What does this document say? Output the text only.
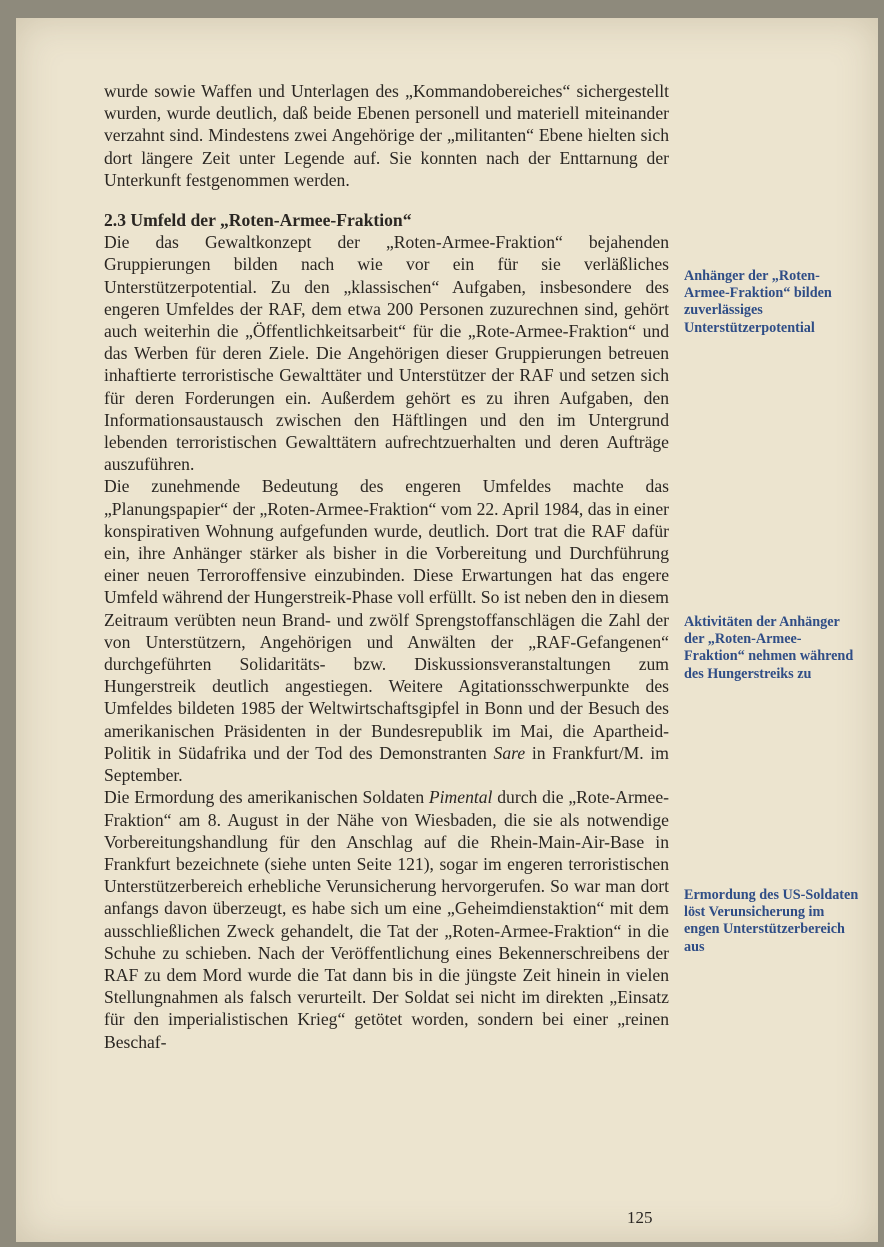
wurde sowie Waffen und Unterlagen des „Kommandobereiches“ sichergestellt wurden, wurde deutlich, daß beide Ebenen personell und materiell miteinander verzahnt sind. Mindestens zwei Angehörige der „militanten“ Ebene hielten sich dort längere Zeit unter Legende auf. Sie konnten nach der Enttarnung der Unterkunft festgenommen werden.

2.3 Umfeld der „Roten-Armee-Fraktion“

Die das Gewaltkonzept der „Roten-Armee-Fraktion“ bejahenden Gruppierungen bilden nach wie vor ein für sie verläßliches Unterstützerpotential. Zu den „klassischen“ Aufgaben, insbesondere des engeren Umfeldes der RAF, dem etwa 200 Personen zuzurechnen sind, gehört auch weiterhin die „Öffentlichkeitsarbeit“ für die „Rote-Armee-Fraktion“ und das Werben für deren Ziele. Die Angehörigen dieser Gruppierungen betreuen inhaftierte terroristische Gewalttäter und Unterstützer der RAF und setzen sich für deren Forderungen ein. Außerdem gehört es zu ihren Aufgaben, den Informationsaustausch zwischen den Häftlingen und den im Untergrund lebenden terroristischen Gewalttätern aufrechtzuerhalten und deren Aufträge auszuführen.

Die zunehmende Bedeutung des engeren Umfeldes machte das „Planungspapier“ der „Roten-Armee-Fraktion“ vom 22. April 1984, das in einer konspirativen Wohnung aufgefunden wurde, deutlich. Dort trat die RAF dafür ein, ihre Anhänger stärker als bisher in die Vorbereitung und Durchführung einer neuen Terroroffensive einzubinden. Diese Erwartungen hat das engere Umfeld während der Hungerstreik-Phase voll erfüllt. So ist neben den in diesem Zeitraum verübten neun Brand- und zwölf Sprengstoffanschlägen die Zahl der von Unterstützern, Angehörigen und Anwälten der „RAF-Gefangenen“ durchgeführten Solidaritäts- bzw. Diskussionsveranstaltungen zum Hungerstreik deutlich angestiegen. Weitere Agitationsschwerpunkte des Umfeldes bildeten 1985 der Weltwirtschaftsgipfel in Bonn und der Besuch des amerikanischen Präsidenten in der Bundesrepublik im Mai, die Apartheid-Politik in Südafrika und der Tod des Demonstranten Sare in Frankfurt/M. im September.

Die Ermordung des amerikanischen Soldaten Pimental durch die „Rote-Armee-Fraktion“ am 8. August in der Nähe von Wiesbaden, die sie als notwendige Vorbereitungshandlung für den Anschlag auf die Rhein-Main-Air-Base in Frankfurt bezeichnete (siehe unten Seite 121), sogar im engeren terroristischen Unterstützerbereich erhebliche Verunsicherung hervorgerufen. So war man dort anfangs davon überzeugt, es habe sich um eine „Geheimdienstaktion“ mit dem ausschließlichen Zweck gehandelt, die Tat der „Roten-Armee-Fraktion“ in die Schuhe zu schieben. Nach der Veröffentlichung eines Bekennerschreibens der RAF zu dem Mord wurde die Tat dann bis in die jüngste Zeit hinein in vielen Stellungnahmen als falsch verurteilt. Der Soldat sei nicht im direkten „Einsatz für den imperialistischen Krieg“ getötet worden, sondern bei einer „reinen Beschaf-

Anhänger der „Roten-Armee-Fraktion“ bilden zuverlässiges Unterstützerpotential
Aktivitäten der Anhänger der „Roten-Armee-Fraktion“ nehmen während des Hungerstreiks zu
Ermordung des US-Soldaten löst Verunsicherung im engen Unterstützerbereich aus
125
